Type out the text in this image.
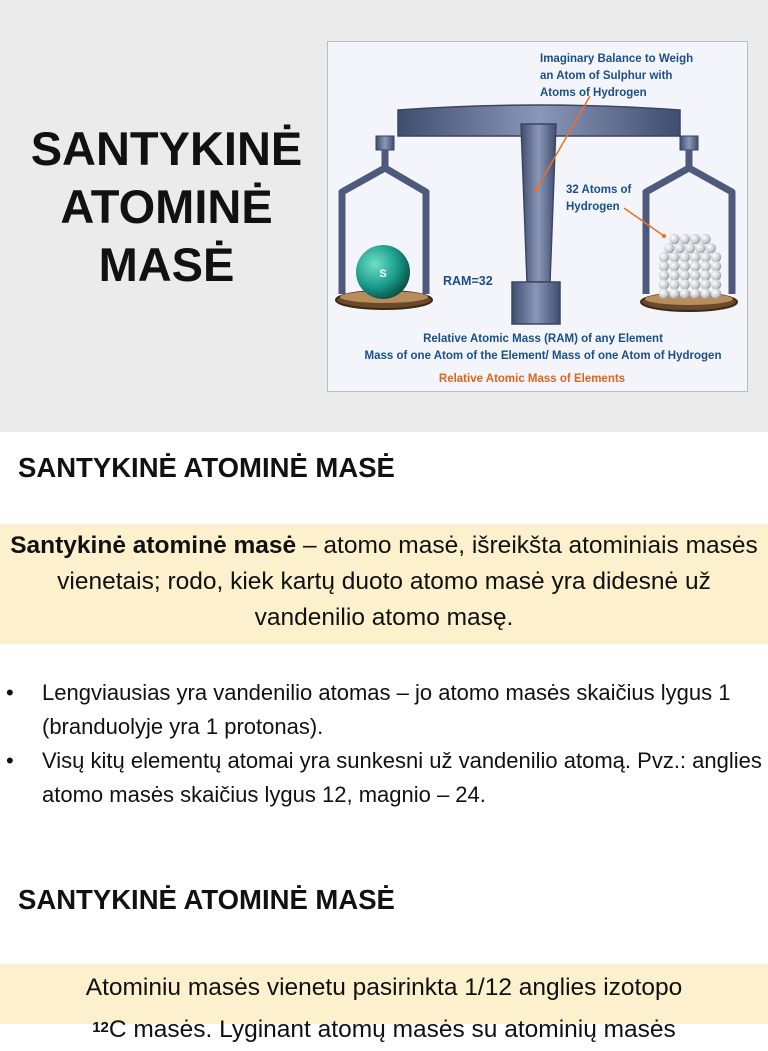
SANTYKINĖ
ATOMINĖ
MASĖ	S
Imaginary Balance to Weigh an Atom of Sulphur with Atoms of Hydrogen
32 Atoms of Hydrogen
RAM=32
Relative Atomic Mass (RAM) of any Element
Mass of one Atom of the Element/ Mass of one Atom of Hydrogen
Relative Atomic Mass of Elements
SANTYKINĖ ATOMINĖ MASĖ
Santykinė atominė masė – atomo masė, išreikšta atominiais masės vienetais; rodo, kiek kartų duoto atomo masė yra didesnė už vandenilio atomo masę.
• Lengviausias yra vandenilio atomas – jo atomo masės skaičius lygus 1 (branduolyje yra 1 protonas).
• Visų kitų elementų atomai yra sunkesni už vandenilio atomą. Pvz.: anglies atomo masės skaičius lygus 12, magnio – 24.
SANTYKINĖ ATOMINĖ MASĖ
Atominiu masės vienetu pasirinkta 1/12 anglies izotopo
$^{12}$C masės. Lyginant atomų masės su atominių masės
